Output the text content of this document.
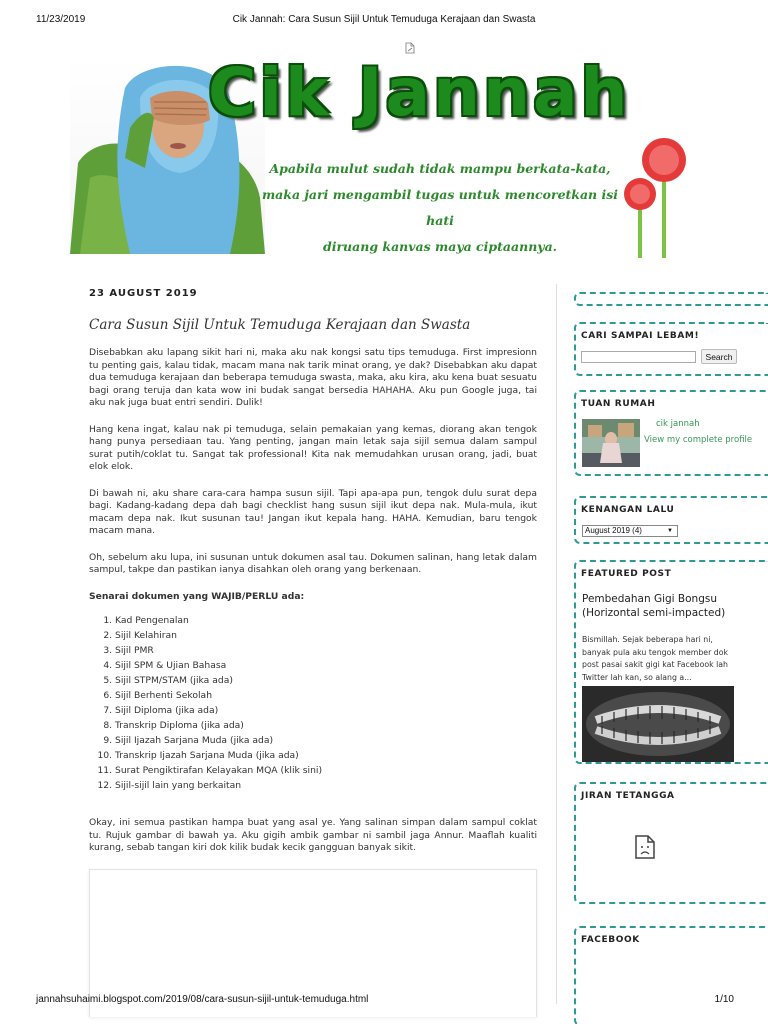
11/23/2019	Cik Jannah: Cara Susun Sijil Untuk Temuduga Kerajaan dan Swasta
Cik Jannah
Apabila mulut sudah tidak mampu berkata-kata,
maka jari mengambil tugas untuk mencoretkan isi hati
diruang kanvas maya ciptaannya.
23 AUGUST 2019
Cara Susun Sijil Untuk Temuduga Kerajaan dan Swasta

Disebabkan aku lapang sikit hari ni, maka aku nak kongsi satu tips temuduga. First impresionn tu penting gais, kalau tidak, macam mana nak tarik minat orang, ye dak? Disebabkan aku dapat dua temuduga kerajaan dan beberapa temuduga swasta, maka, aku kira, aku kena buat sesuatu bagi orang teruja dan kata wow ini budak sangat bersedia HAHAHA. Aku pun Google juga, tai aku nak juga buat entri sendiri. Dulik!

Hang kena ingat, kalau nak pi temuduga, selain pemakaian yang kemas, diorang akan tengok hang punya persediaan tau. Yang penting, jangan main letak saja sijil semua dalam sampul surat putih/coklat tu. Sangat tak professional! Kita nak memudahkan urusan orang, jadi, buat elok elok.

Di bawah ni, aku share cara-cara hampa susun sijil. Tapi apa-apa pun, tengok dulu surat depa bagi. Kadang-kadang depa dah bagi checklist hang susun sijil ikut depa nak. Mula-mula, ikut macam depa nak. Ikut susunan tau! Jangan ikut kepala hang. HAHA. Kemudian, baru tengok macam mana.

Oh, sebelum aku lupa, ini susunan untuk dokumen asal tau. Dokumen salinan, hang letak dalam sampul, takpe dan pastikan ianya disahkan oleh orang yang berkenaan.

Senarai dokumen yang WAJIB/PERLU ada:
1. Kad Pengenalan
2. Sijil Kelahiran
3. Sijil PMR
4. Sijil SPM & Ujian Bahasa
5. Sijil STPM/STAM (jika ada)
6. Sijil Berhenti Sekolah
7. Sijil Diploma (jika ada)
8. Transkrip Diploma (jika ada)
9. Sijil Ijazah Sarjana Muda (jika ada)
10. Transkrip Ijazah Sarjana Muda (jika ada)
11. Surat Pengiktirafan Kelayakan MQA (klik sini)
12. Sijil-sijil lain yang berkaitan

Okay, ini semua pastikan hampa buat yang asal ye. Yang salinan simpan dalam sampul coklat tu. Rujuk gambar di bawah ya. Aku gigih ambik gambar ni sambil jaga Annur. Maaflah kualiti kurang, sebab tangan kiri dok kilik budak kecik gangguan banyak sikit.

CARI SAMPAI LEBAM!
Search
TUAN RUMAH
cik jannah
View my complete profile
KENANGAN LALU
August 2019 (4)	▼
FEATURED POST
Pembedahan Gigi Bongsu (Horizontal semi-impacted)
Bismillah. Sejak beberapa hari ni,
banyak pula aku tengok member dok
post pasai sakit gigi kat Facebook lah
Twitter lah kan, so alang a...
JIRAN TETANGGA
FACEBOOK
jannahsuhaimi.blogspot.com/2019/08/cara-susun-sijil-untuk-temuduga.html	1/10
